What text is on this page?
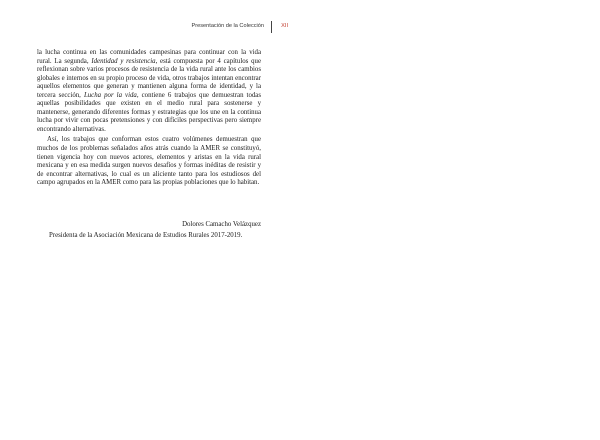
Presentación de la Colección	XII

la lucha continua en las comunidades campesinas para continuar con la vida rural. La segunda, Identidad y resistencia, está compuesta por 4 capítulos que reflexionan sobre varios procesos de resistencia de la vida rural ante los cambios globales e internos en su propio proceso de vida, otros trabajos intentan encontrar aquellos elementos que generan y mantienen alguna forma de identidad, y la tercera sección, Lucha por la vida, contiene 6 trabajos que demuestran todas aquellas posibilidades que existen en el medio rural para sostenerse y mantenerse, generando diferentes formas y estrategias que los une en la continua lucha por vivir con pocas pretensiones y con difíciles perspectivas pero siempre encontrando alternativas.

Así, los trabajos que conforman estos cuatro volúmenes demuestran que muchos de los problemas señalados años atrás cuando la AMER se constituyó, tienen vigencia hoy con nuevos actores, elementos y aristas en la vida rural mexicana y en esa medida surgen nuevos desafíos y formas inéditas de resistir y de encontrar alternativas, lo cual es un aliciente tanto para los estudiosos del campo agrupados en la AMER como para las propias poblaciones que lo habitan.

Dolores Camacho Velázquez
Presidenta de la Asociación Mexicana de Estudios Rurales 2017-2019.
